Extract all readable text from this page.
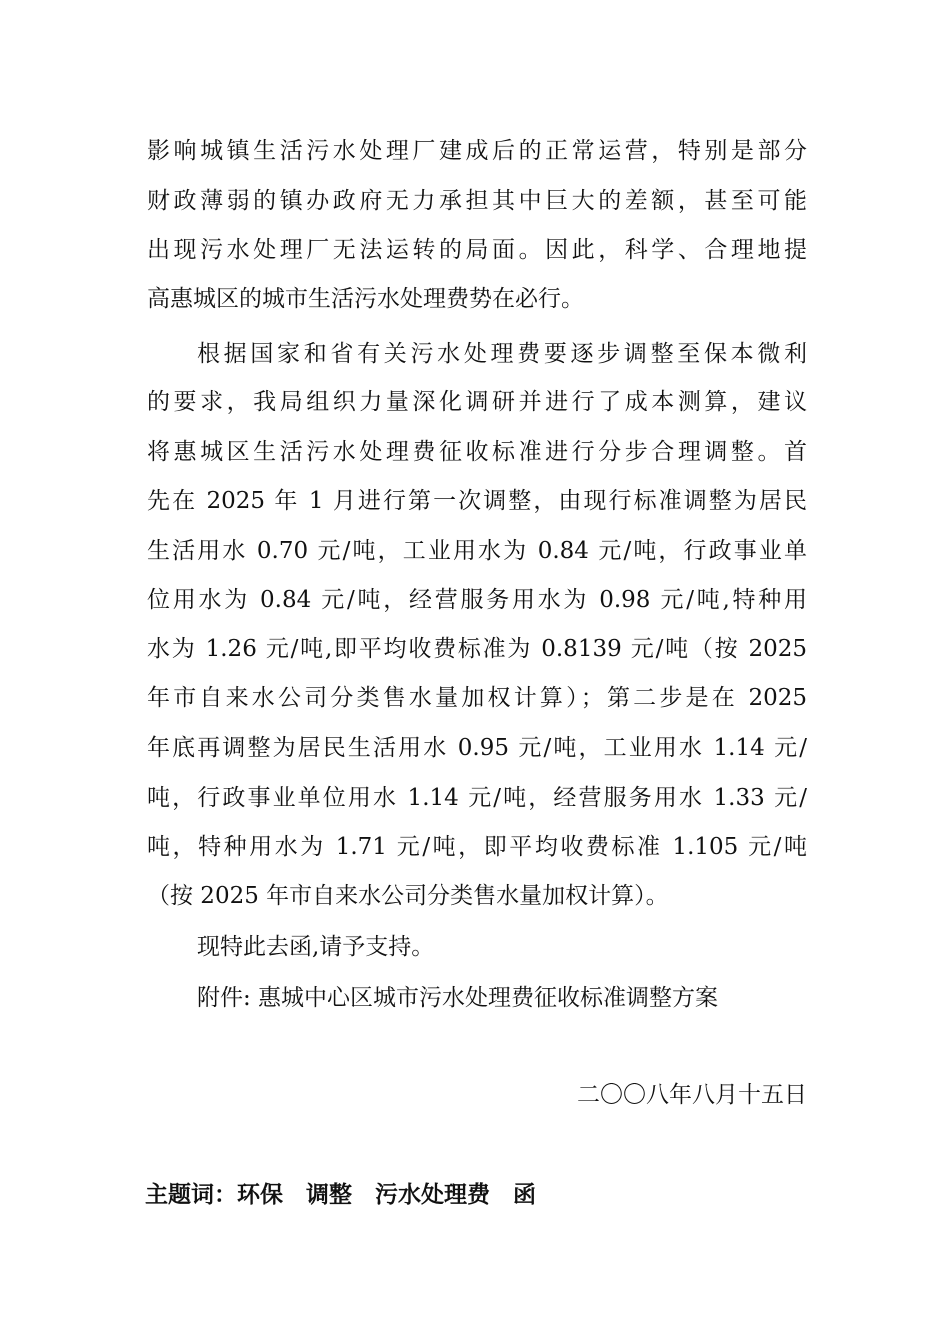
影响城镇生活污水处理厂建成后的正常运营，特别是部分
财政薄弱的镇办政府无力承担其中巨大的差额，甚至可能
出现污水处理厂无法运转的局面。因此，科学、合理地提
高惠城区的城市生活污水处理费势在必行。
根据国家和省有关污水处理费要逐步调整至保本微利
的要求，我局组织力量深化调研并进行了成本测算，建议
将惠城区生活污水处理费征收标准进行分步合理调整。首
先在 2025 年 1 月进行第一次调整，由现行标准调整为居民
生活用水 0.70 元/吨，工业用水为 0.84 元/吨，行政事业单
位用水为 0.84 元/吨，经营服务用水为 0.98 元/吨,特种用
水为 1.26 元/吨,即平均收费标准为 0.8139 元/吨（按 2025
年市自来水公司分类售水量加权计算）；第二步是在 2025
年底再调整为居民生活用水 0.95 元/吨，工业用水 1.14 元/
吨，行政事业单位用水 1.14 元/吨，经营服务用水 1.33 元/
吨，特种用水为 1.71 元/吨，即平均收费标准 1.105 元/吨
（按 2025 年市自来水公司分类售水量加权计算）。
现特此去函,请予支持。
附件: 惠城中心区城市污水处理费征收标准调整方案
二〇〇八年八月十五日
主题词：环保　调整　污水处理费　函
